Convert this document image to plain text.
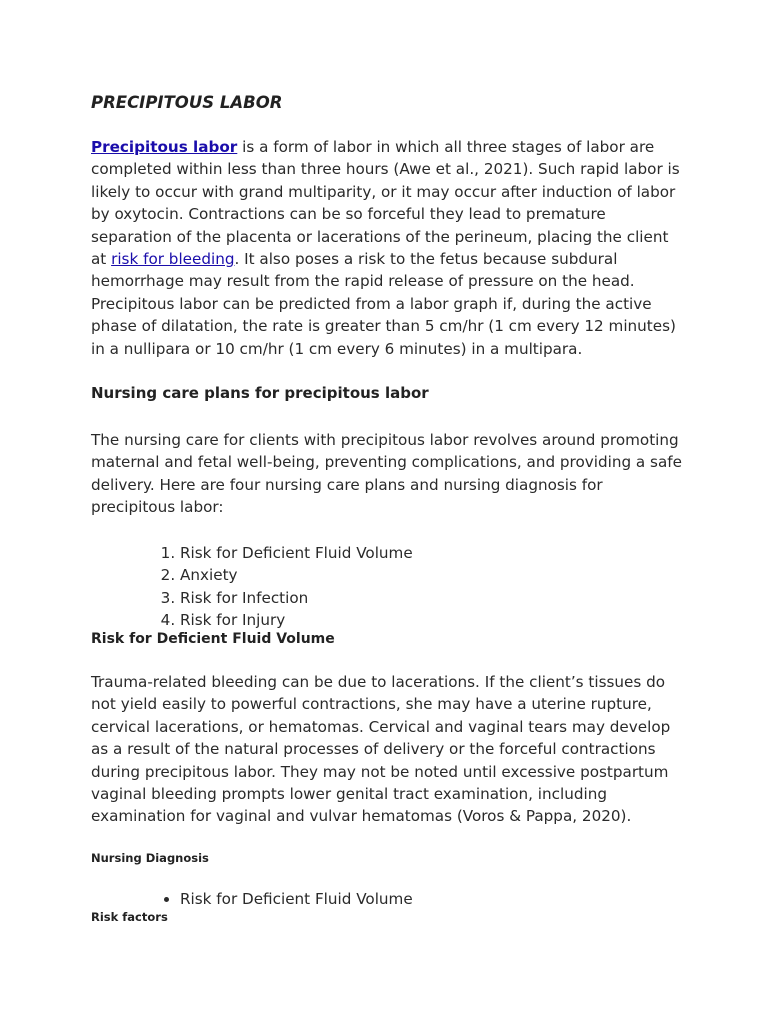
PRECIPITOUS LABOR

Precipitous labor is a form of labor in which all three stages of labor are completed within less than three hours (Awe et al., 2021). Such rapid labor is likely to occur with grand multiparity, or it may occur after induction of labor by oxytocin. Contractions can be so forceful they lead to premature separation of the placenta or lacerations of the perineum, placing the client at risk for bleeding. It also poses a risk to the fetus because subdural hemorrhage may result from the rapid release of pressure on the head. Precipitous labor can be predicted from a labor graph if, during the active phase of dilatation, the rate is greater than 5 cm/hr (1 cm every 12 minutes) in a nullipara or 10 cm/hr (1 cm every 6 minutes) in a multipara.

Nursing care plans for precipitous labor

The nursing care for clients with precipitous labor revolves around promoting maternal and fetal well-being, preventing complications, and providing a safe delivery. Here are four nursing care plans and nursing diagnosis for precipitous labor:

1. Risk for Deficient Fluid Volume
2. Anxiety
3. Risk for Infection
4. Risk for Injury
Risk for Deficient Fluid Volume

Trauma-related bleeding can be due to lacerations. If the client’s tissues do not yield easily to powerful contractions, she may have a uterine rupture, cervical lacerations, or hematomas. Cervical and vaginal tears may develop as a result of the natural processes of delivery or the forceful contractions during precipitous labor. They may not be noted until excessive postpartum vaginal bleeding prompts lower genital tract examination, including examination for vaginal and vulvar hematomas (Voros & Pappa, 2020).

Nursing Diagnosis
• Risk for Deficient Fluid Volume
Risk factors
